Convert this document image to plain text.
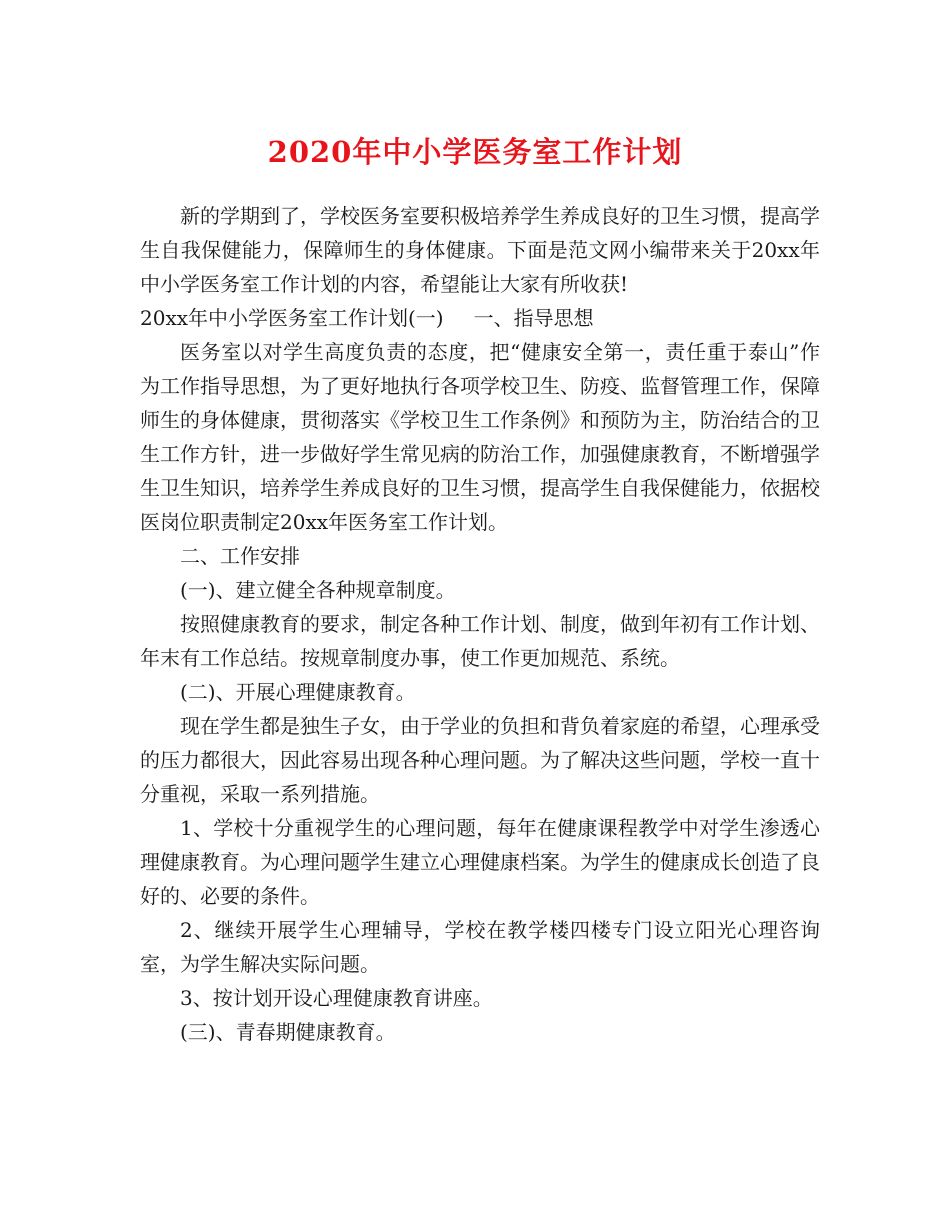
2020年中小学医务室工作计划

新的学期到了，学校医务室要积极培养学生养成良好的卫生习惯，提高学生自我保健能力，保障师生的身体健康。下面是范文网小编带来关于20xx年中小学医务室工作计划的内容，希望能让大家有所收获!

20xx年中小学医务室工作计划(一) 一、指导思想

医务室以对学生高度负责的态度，把“健康安全第一，责任重于泰山”作为工作指导思想，为了更好地执行各项学校卫生、防疫、监督管理工作，保障师生的身体健康，贯彻落实《学校卫生工作条例》和预防为主，防治结合的卫生工作方针，进一步做好学生常见病的防治工作，加强健康教育，不断增强学生卫生知识，培养学生养成良好的卫生习惯，提高学生自我保健能力，依据校医岗位职责制定20xx年医务室工作计划。

二、工作安排

(一)、建立健全各种规章制度。

按照健康教育的要求，制定各种工作计划、制度，做到年初有工作计划、年末有工作总结。按规章制度办事，使工作更加规范、系统。

(二)、开展心理健康教育。

现在学生都是独生子女，由于学业的负担和背负着家庭的希望，心理承受的压力都很大，因此容易出现各种心理问题。为了解决这些问题，学校一直十分重视，采取一系列措施。

1、学校十分重视学生的心理问题，每年在健康课程教学中对学生渗透心理健康教育。为心理问题学生建立心理健康档案。为学生的健康成长创造了良好的、必要的条件。

2、继续开展学生心理辅导，学校在教学楼四楼专门设立阳光心理咨询室，为学生解决实际问题。

3、按计划开设心理健康教育讲座。

(三)、青春期健康教育。
